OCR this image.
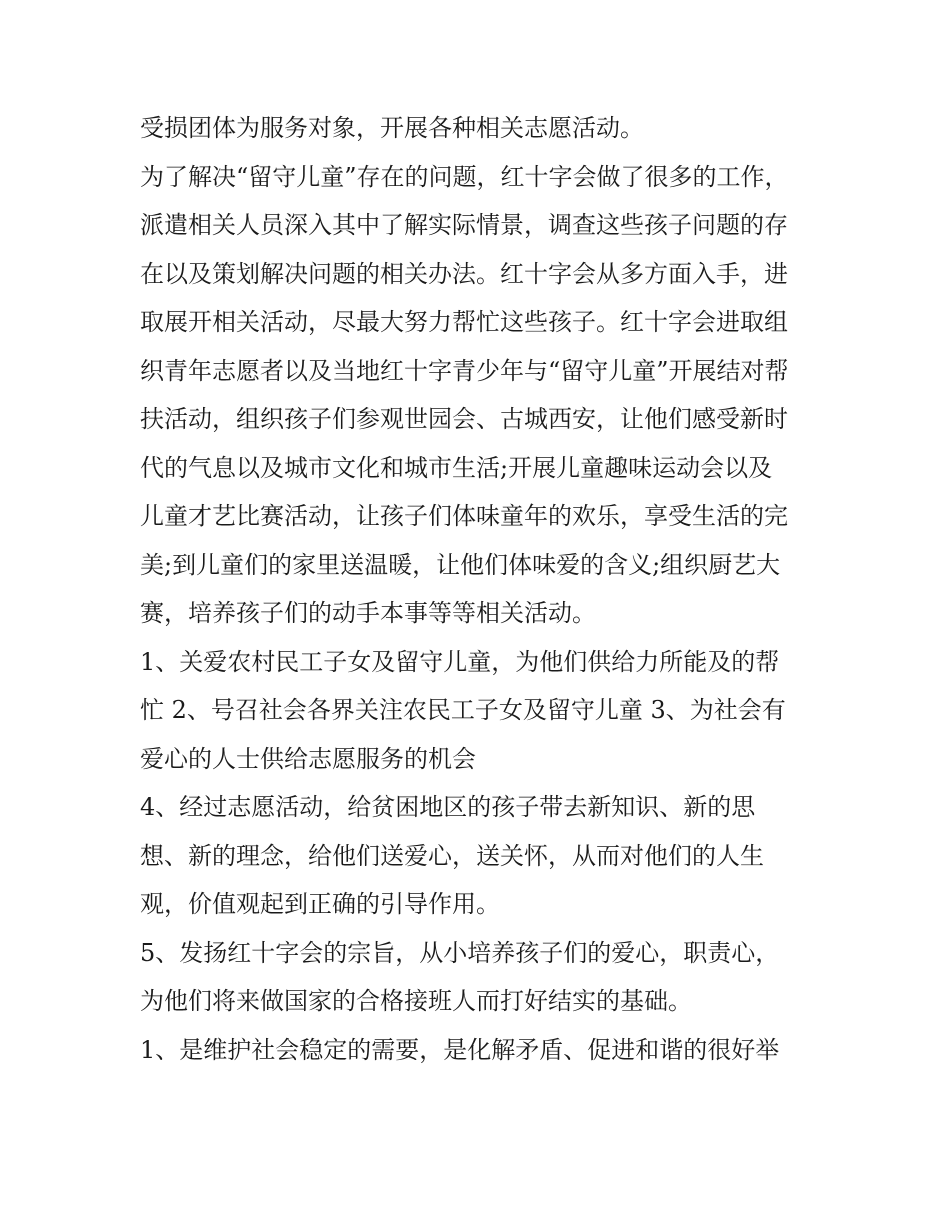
受损团体为服务对象，开展各种相关志愿活动。
为了解决“留守儿童”存在的问题，红十字会做了很多的工作，
派遣相关人员深入其中了解实际情景，调查这些孩子问题的存
在以及策划解决问题的相关办法。红十字会从多方面入手，进
取展开相关活动，尽最大努力帮忙这些孩子。红十字会进取组
织青年志愿者以及当地红十字青少年与“留守儿童”开展结对帮
扶活动，组织孩子们参观世园会、古城西安，让他们感受新时
代的气息以及城市文化和城市生活;开展儿童趣味运动会以及
儿童才艺比赛活动，让孩子们体味童年的欢乐，享受生活的完
美;到儿童们的家里送温暖，让他们体味爱的含义;组织厨艺大
赛，培养孩子们的动手本事等等相关活动。
1、关爱农村民工子女及留守儿童，为他们供给力所能及的帮
忙 2、号召社会各界关注农民工子女及留守儿童 3、为社会有
爱心的人士供给志愿服务的机会
4、经过志愿活动，给贫困地区的孩子带去新知识、新的思
想、新的理念，给他们送爱心，送关怀，从而对他们的人生
观，价值观起到正确的引导作用。
5、发扬红十字会的宗旨，从小培养孩子们的爱心，职责心，
为他们将来做国家的合格接班人而打好结实的基础。
1、是维护社会稳定的需要，是化解矛盾、促进和谐的很好举
